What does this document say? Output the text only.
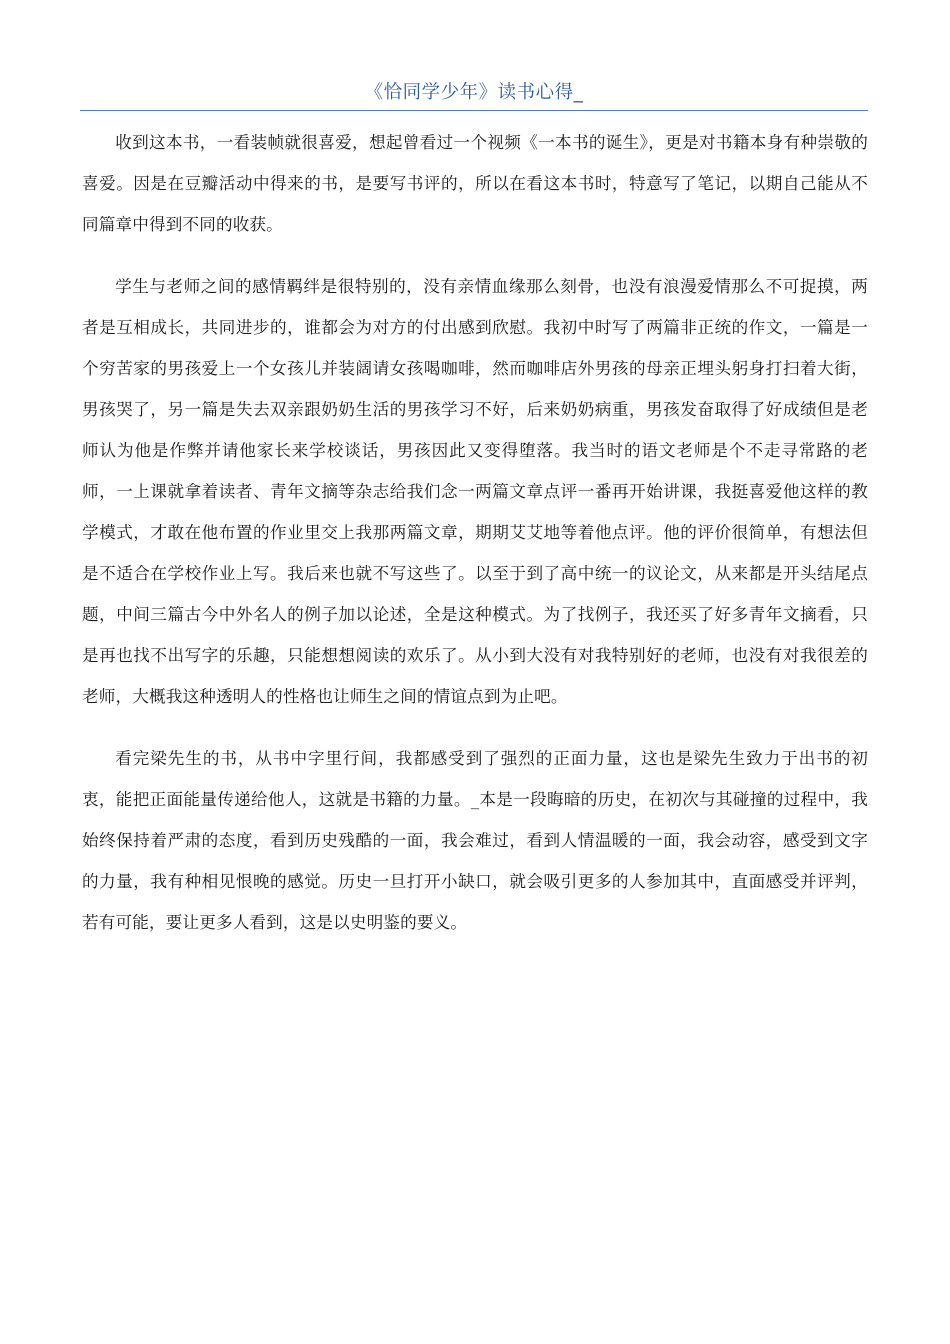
《恰同学少年》读书心得_

收到这本书，一看装帧就很喜爱，想起曾看过一个视频《一本书的诞生》，更是对书籍本身有种崇敬的喜爱。因是在豆瓣活动中得来的书，是要写书评的，所以在看这本书时，特意写了笔记，以期自己能从不同篇章中得到不同的收获。

学生与老师之间的感情羁绊是很特别的，没有亲情血缘那么刻骨，也没有浪漫爱情那么不可捉摸，两者是互相成长，共同进步的，谁都会为对方的付出感到欣慰。我初中时写了两篇非正统的作文，一篇是一个穷苦家的男孩爱上一个女孩儿并装阔请女孩喝咖啡，然而咖啡店外男孩的母亲正埋头躬身打扫着大街，男孩哭了，另一篇是失去双亲跟奶奶生活的男孩学习不好，后来奶奶病重，男孩发奋取得了好成绩但是老师认为他是作弊并请他家长来学校谈话，男孩因此又变得堕落。我当时的语文老师是个不走寻常路的老师，一上课就拿着读者、青年文摘等杂志给我们念一两篇文章点评一番再开始讲课，我挺喜爱他这样的教学模式，才敢在他布置的作业里交上我那两篇文章，期期艾艾地等着他点评。他的评价很简单，有想法但是不适合在学校作业上写。我后来也就不写这些了。以至于到了高中统一的议论文，从来都是开头结尾点题，中间三篇古今中外名人的例子加以论述，全是这种模式。为了找例子，我还买了好多青年文摘看，只是再也找不出写字的乐趣，只能想想阅读的欢乐了。从小到大没有对我特别好的老师，也没有对我很差的老师，大概我这种透明人的性格也让师生之间的情谊点到为止吧。

看完梁先生的书，从书中字里行间，我都感受到了强烈的正面力量，这也是梁先生致力于出书的初衷，能把正面能量传递给他人，这就是书籍的力量。_本是一段晦暗的历史，在初次与其碰撞的过程中，我始终保持着严肃的态度，看到历史残酷的一面，我会难过，看到人情温暖的一面，我会动容，感受到文字的力量，我有种相见恨晚的感觉。历史一旦打开小缺口，就会吸引更多的人参加其中，直面感受并评判，若有可能，要让更多人看到，这是以史明鉴的要义。
